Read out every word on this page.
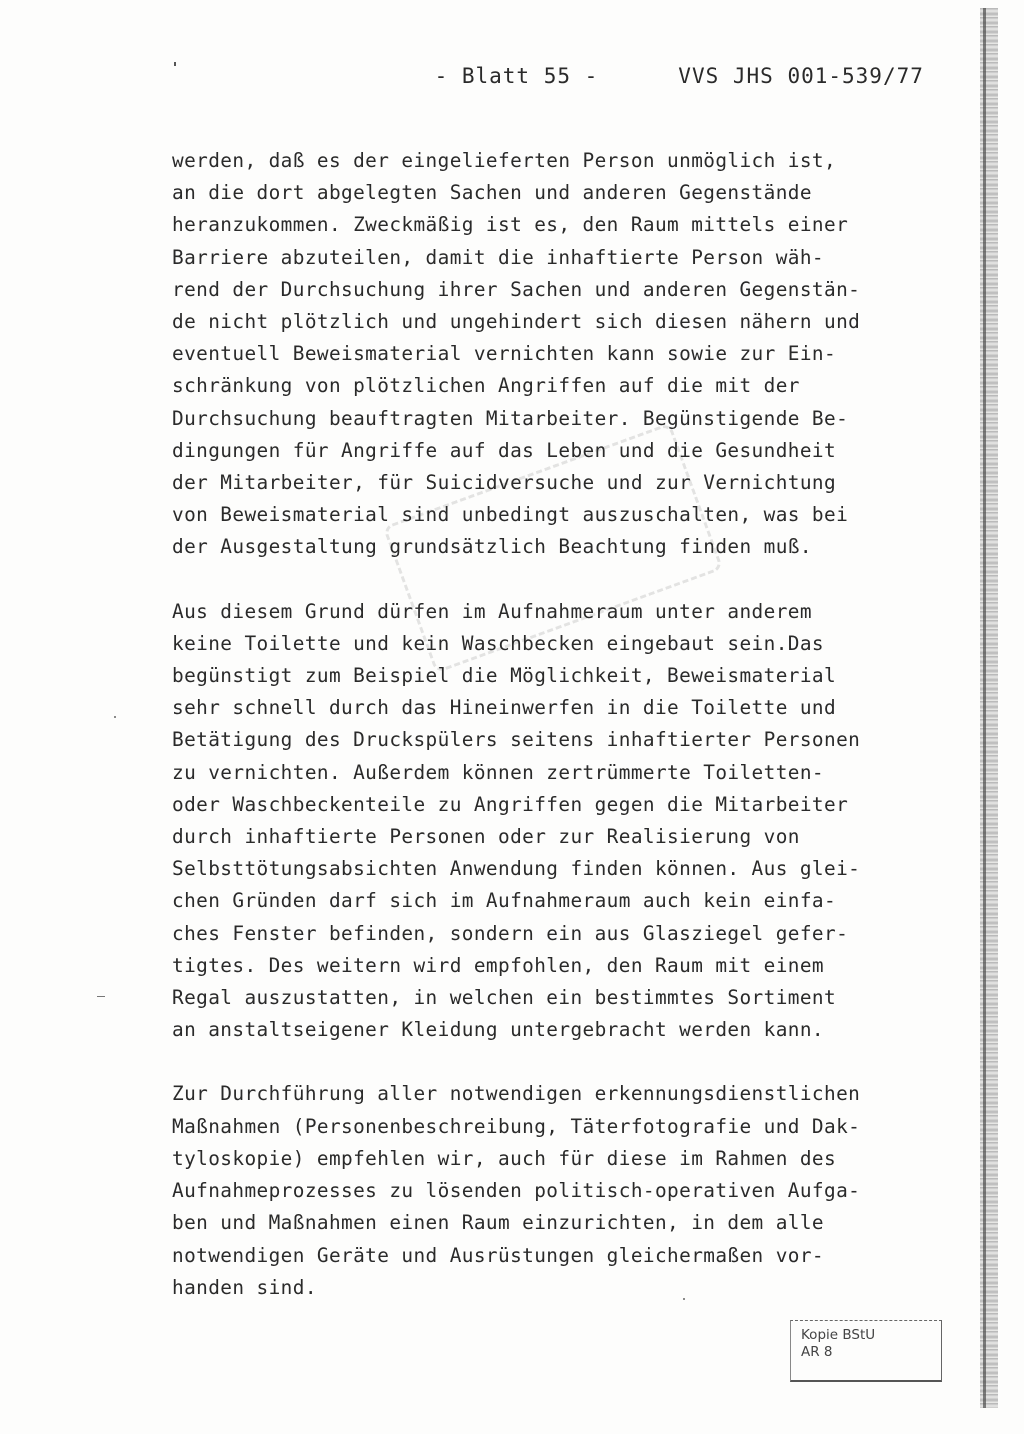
- Blatt 55 -	VVS JHS 001-539/77

werden, daß es der eingelieferten Person unmöglich ist,
an die dort abgelegten Sachen und anderen Gegenstände
heranzukommen. Zweckmäßig ist es, den Raum mittels einer
Barriere abzuteilen, damit die inhaftierte Person wäh-
rend der Durchsuchung ihrer Sachen und anderen Gegenstän-
de nicht plötzlich und ungehindert sich diesen nähern und
eventuell Beweismaterial vernichten kann sowie zur Ein-
schränkung von plötzlichen Angriffen auf die mit der
Durchsuchung beauftragten Mitarbeiter. Begünstigende Be-
dingungen für Angriffe auf das Leben und die Gesundheit
der Mitarbeiter, für Suicidversuche und zur Vernichtung
von Beweismaterial sind unbedingt auszuschalten, was bei
der Ausgestaltung grundsätzlich Beachtung finden muß.
Aus diesem Grund dürfen im Aufnahmeraum unter anderem
keine Toilette und kein Waschbecken eingebaut sein.Das
begünstigt zum Beispiel die Möglichkeit, Beweismaterial
sehr schnell durch das Hineinwerfen in die Toilette und
Betätigung des Druckspülers seitens inhaftierter Personen
zu vernichten. Außerdem können zertrümmerte Toiletten-
oder Waschbeckenteile zu Angriffen gegen die Mitarbeiter
durch inhaftierte Personen oder zur Realisierung von
Selbsttötungsabsichten Anwendung finden können. Aus glei-
chen Gründen darf sich im Aufnahmeraum auch kein einfa-
ches Fenster befinden, sondern ein aus Glasziegel gefer-
tigtes. Des weitern wird empfohlen, den Raum mit einem
Regal auszustatten, in welchen ein bestimmtes Sortiment
an anstaltseigener Kleidung untergebracht werden kann.
Zur Durchführung aller notwendigen erkennungsdienstlichen
Maßnahmen (Personenbeschreibung, Täterfotografie und Dak-
tyloskopie) empfehlen wir, auch für diese im Rahmen des
Aufnahmeprozesses zu lösenden politisch-operativen Aufga-
ben und Maßnahmen einen Raum einzurichten, in dem alle
notwendigen Geräte und Ausrüstungen gleichermaßen vor-
handen sind.
Kopie BStU
AR 8
